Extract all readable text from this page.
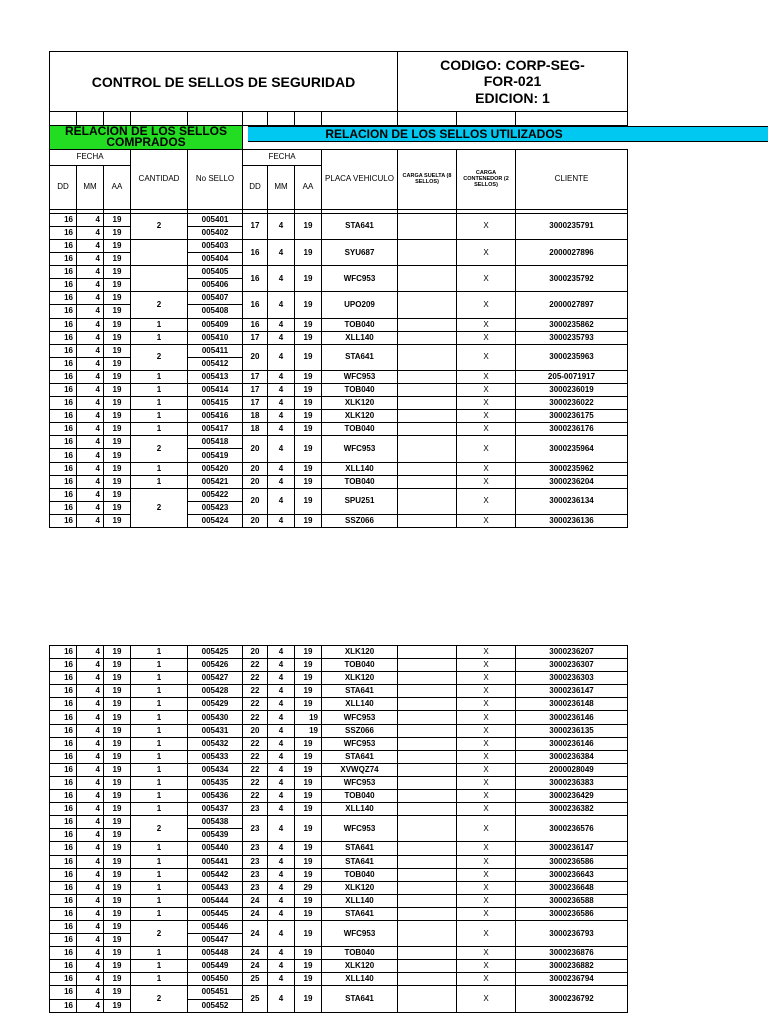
CONTROL DE SELLOS DE SEGURIDAD									CODIGO: CORP-SEG-
FOR-021
EDICION: 1		

RELACION DE LOS SELLOS COMPRADOS											
FECHA			CANTIDAD	No SELLO	FECHA			PLACA VEHICULO	CARGA SUELTA (8 SELLOS)	CARGA CONTENEDOR (2 SELLOS)	CLIENTE
DD	MM	AA			DD	MM	AA				

16	4	19	2	005401	17	4	19	STA641		X	3000235791
16	4	19		005402							
16	4	19		005403	16	4	19	SYU687		X	2000027896
16	4	19		005404							
16	4	19		005405	16	4	19	WFC953		X	3000235792
16	4	19		005406							
16	4	19	2	005407	16	4	19	UPO209		X	2000027897
16	4	19		005408							
16	4	19	1	005409	16	4	19	TOB040		X	3000235862
16	4	19	1	005410	17	4	19	XLL140		X	3000235793
16	4	19	2	005411	20	4	19	STA641		X	3000235963
16	4	19		005412							
16	4	19	1	005413	17	4	19	WFC953		X	205-0071917
16	4	19	1	005414	17	4	19	TOB040		X	3000236019
16	4	19	1	005415	17	4	19	XLK120		X	3000236022
16	4	19	1	005416	18	4	19	XLK120		X	3000236175
16	4	19	1	005417	18	4	19	TOB040		X	3000236176
16	4	19	2	005418	20	4	19	WFC953		X	3000235964
16	4	19		005419							
16	4	19	1	005420	20	4	19	XLL140		X	3000235962
16	4	19	1	005421	20	4	19	TOB040		X	3000236204
16	4	19	2	005422	20	4	19	SPU251		X	3000236134
16	4	19		005423							
16	4	19		005424	20	4	19	SSZ066		X	3000236136
RELACION DE LOS SELLOS UTILIZADOS
16	4	19	1	005425	20	4	19	XLK120		X	3000236207
16	4	19	1	005426	22	4	19	TOB040		X	3000236307
16	4	19	1	005427	22	4	19	XLK120		X	3000236303
16	4	19	1	005428	22	4	19	STA641		X	3000236147
16	4	19	1	005429	22	4	19	XLL140		X	3000236148
16	4	19	1	005430	22	4	19	WFC953		X	3000236146
16	4	19	1	005431	20	4	19	SSZ066		X	3000236135
16	4	19	1	005432	22	4	19	WFC953		X	3000236146
16	4	19	1	005433	22	4	19	STA641		X	3000236384
16	4	19	1	005434	22	4	19	XVWQZ74		X	2000028049
16	4	19	1	005435	22	4	19	WFC953		X	3000236383
16	4	19	1	005436	22	4	19	TOB040		X	3000236429
16	4	19	1	005437	23	4	19	XLL140		X	3000236382
16	4	19	2	005438	23	4	19	WFC953		X	3000236576
16	4	19		005439							
16	4	19	1	005440	23	4	19	STA641		X	3000236147
16	4	19	1	005441	23	4	19	STA641		X	3000236586
16	4	19	1	005442	23	4	19	TOB040		X	3000236643
16	4	19	1	005443	23	4	29	XLK120		X	3000236648
16	4	19	1	005444	24	4	19	XLL140		X	3000236588
16	4	19	1	005445	24	4	19	STA641		X	3000236586
16	4	19	2	005446	24	4	19	WFC953		X	3000236793
16	4	19		005447							
16	4	19	1	005448	24	4	19	TOB040		X	3000236876
16	4	19	1	005449	24	4	19	XLK120		X	3000236882
16	4	19	1	005450	25	4	19	XLL140		X	3000236794
16	4	19	2	005451	25	4	19	STA641		X	3000236792
16	4	19		005452							
